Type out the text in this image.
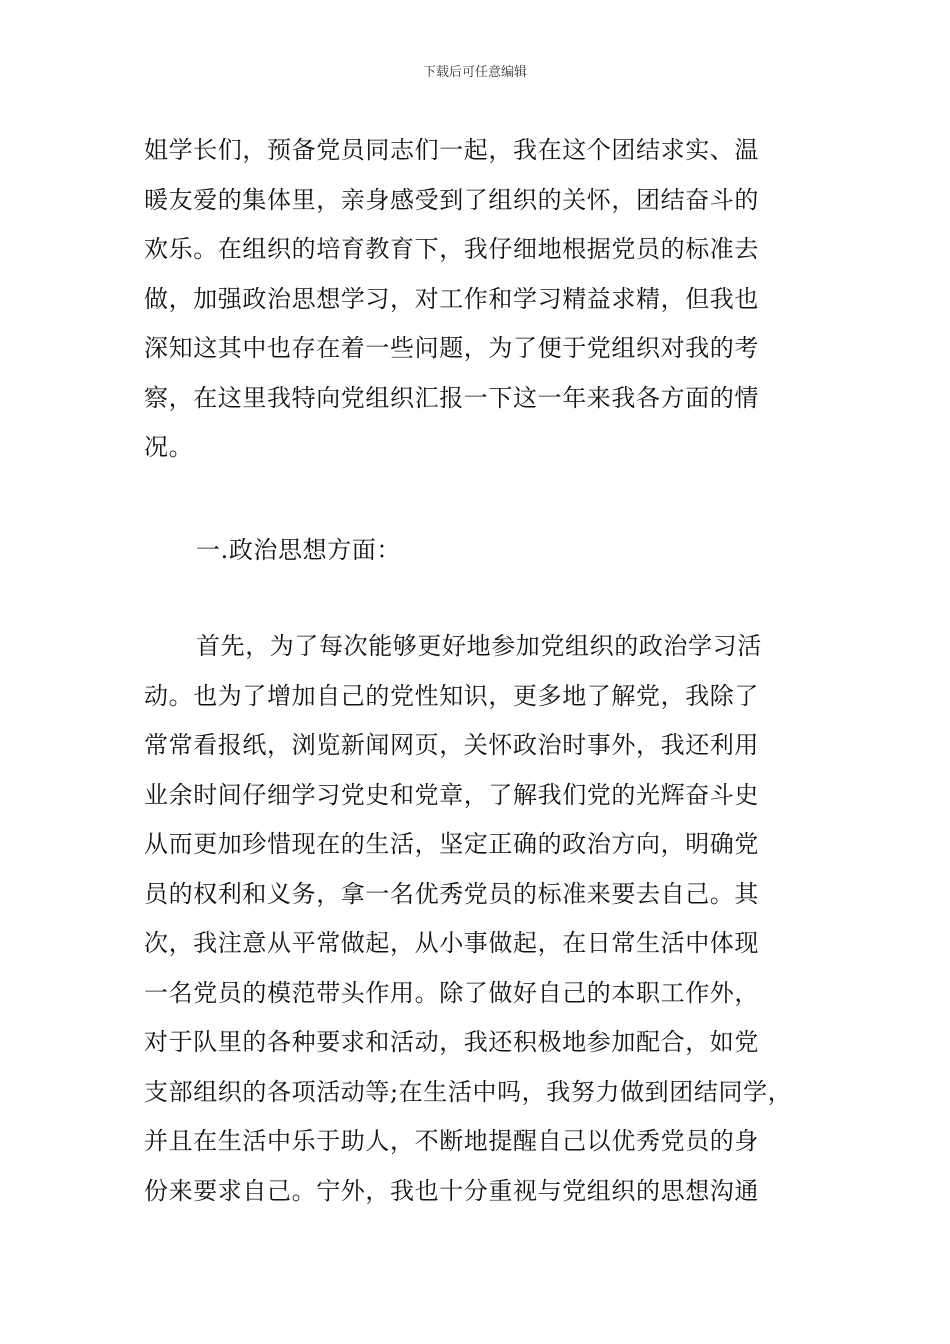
下载后可任意编辑
姐学长们，预备党员同志们一起，我在这个团结求实、温
暖友爱的集体里，亲身感受到了组织的关怀，团结奋斗的
欢乐。在组织的培育教育下，我仔细地根据党员的标准去
做，加强政治思想学习，对工作和学习精益求精，但我也
深知这其中也存在着一些问题，为了便于党组织对我的考
察，在这里我特向党组织汇报一下这一年来我各方面的情
况。
一.政治思想方面：
首先，为了每次能够更好地参加党组织的政治学习活
动。也为了增加自己的党性知识，更多地了解党，我除了
常常看报纸，浏览新闻网页，关怀政治时事外，我还利用
业余时间仔细学习党史和党章，了解我们党的光辉奋斗史
从而更加珍惜现在的生活，坚定正确的政治方向，明确党
员的权利和义务，拿一名优秀党员的标准来要去自己。其
次，我注意从平常做起，从小事做起，在日常生活中体现
一名党员的模范带头作用。除了做好自己的本职工作外，
对于队里的各种要求和活动，我还积极地参加配合，如党
支部组织的各项活动等;在生活中吗，我努力做到团结同学，
并且在生活中乐于助人，不断地提醒自己以优秀党员的身
份来要求自己。宁外，我也十分重视与党组织的思想沟通
